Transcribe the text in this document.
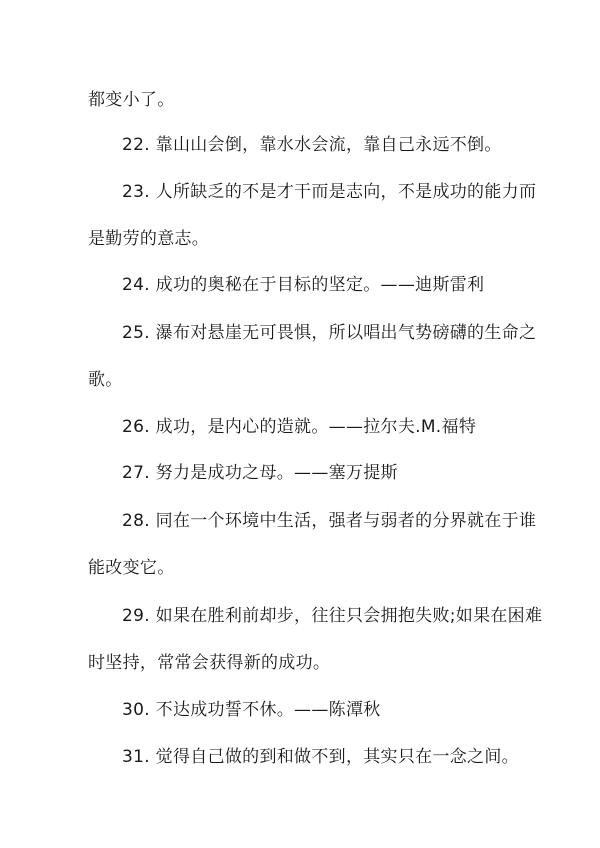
都变小了。
22. 靠山山会倒，靠水水会流，靠自己永远不倒。
23. 人所缺乏的不是才干而是志向，不是成功的能力而
是勤劳的意志。
24. 成功的奥秘在于目标的坚定。——迪斯雷利
25. 瀑布对悬崖无可畏惧，所以唱出气势磅礴的生命之
歌。
26. 成功，是内心的造就。——拉尔夫.M.福特
27. 努力是成功之母。——塞万提斯
28. 同在一个环境中生活，强者与弱者的分界就在于谁
能改变它。
29. 如果在胜利前却步，往往只会拥抱失败;如果在困难
时坚持，常常会获得新的成功。
30. 不达成功誓不休。——陈潭秋
31. 觉得自己做的到和做不到，其实只在一念之间。
